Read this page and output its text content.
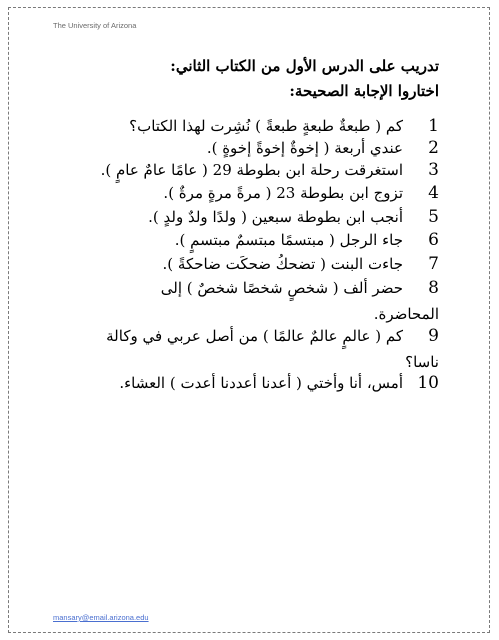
The University of Arizona
تدريب على الدرس الأول من الكتاب الثاني:
اختاروا الإجابة الصحيحة:
1كم ( طبعةٌ طبعةٍ طبعةً ) نُشِرت لهذا الكتاب؟
2عندي أربعة ( إخوةٌ إخوةً إخوةٍ ).
3استغرقت رحلة ابن بطوطة 29 ( عامًا عامٌ عامٍ ).
4تزوج ابن بطوطة 23 ( مرةً مرةٍ مرةٌ ).
5أنجب ابن بطوطة سبعين ( ولدًا ولدٌ ولدٍ ).
6جاء الرجل ( مبتسمًا مبتسمٌ مبتسمٍ ).
7جاءت البنت ( تضحكُ ضحكَت ضاحكةً ).
8حضر ألف ( شخصٍ شخصًا شخصٌ ) إلى
المحاضرة.
9كم ( عالمٍ عالمٌ عالمًا ) من أصل عربي في وكالة
ناسا؟
10أمس، أنا وأختي ( أعدنا أعددنا أعدت ) العشاء.
mansary@email.arizona.edu
